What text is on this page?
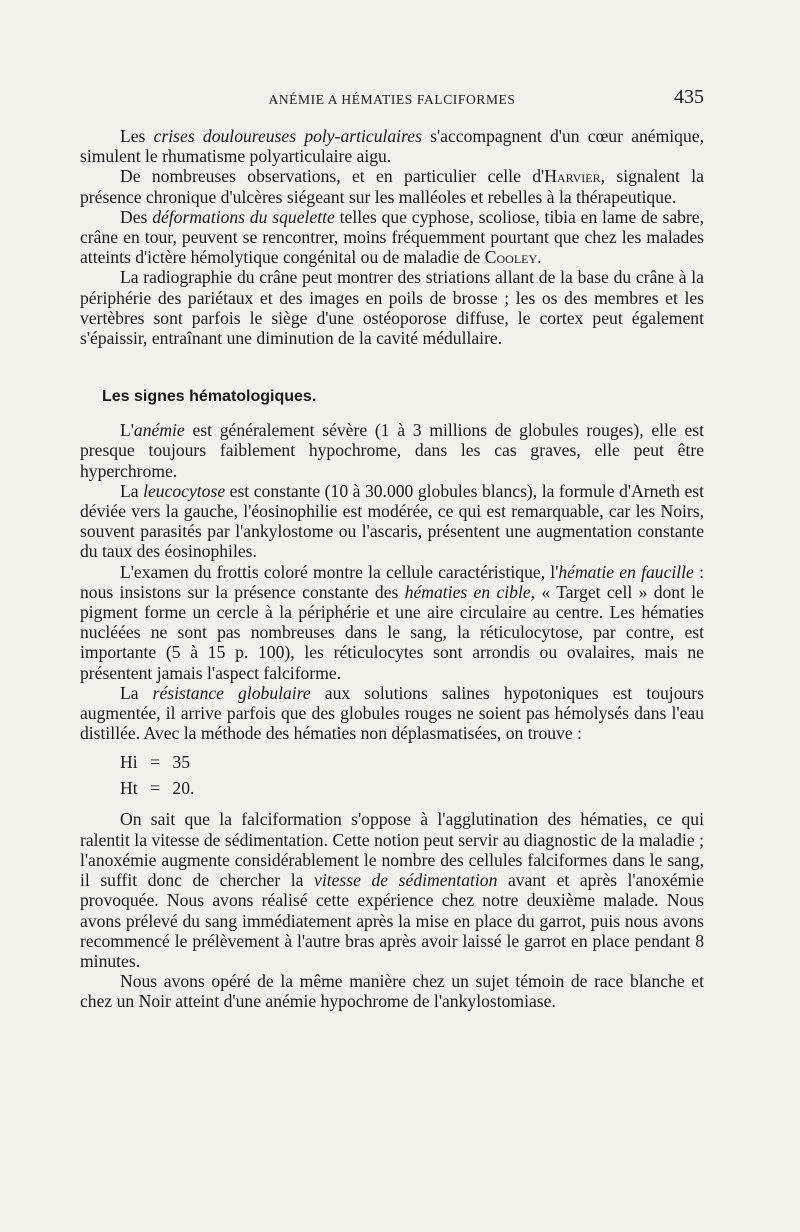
ANÉMIE A HÉMATIES FALCIFORMES	435

Les crises douloureuses poly-articulaires s'accompagnent d'un cœur anémique, simulent le rhumatisme polyarticulaire aigu.

De nombreuses observations, et en particulier celle d'Harvier, signalent la présence chronique d'ulcères siégeant sur les malléoles et rebelles à la thérapeutique.

Des déformations du squelette telles que cyphose, scoliose, tibia en lame de sabre, crâne en tour, peuvent se rencontrer, moins fréquemment pourtant que chez les malades atteints d'ictère hémolytique congénital ou de maladie de Cooley.

La radiographie du crâne peut montrer des striations allant de la base du crâne à la périphérie des pariétaux et des images en poils de brosse ; les os des membres et les vertèbres sont parfois le siège d'une ostéoporose diffuse, le cortex peut également s'épaissir, entraînant une diminution de la cavité médullaire.

Les signes hématologiques.

L'anémie est généralement sévère (1 à 3 millions de globules rouges), elle est presque toujours faiblement hypochrome, dans les cas graves, elle peut être hyperchrome.

La leucocytose est constante (10 à 30.000 globules blancs), la formule d'Arneth est déviée vers la gauche, l'éosinophilie est modérée, ce qui est remarquable, car les Noirs, souvent parasités par l'ankylostome ou l'ascaris, présentent une augmentation constante du taux des éosinophiles.

L'examen du frottis coloré montre la cellule caractéristique, l'hématie en faucille : nous insistons sur la présence constante des hématies en cible, « Target cell » dont le pigment forme un cercle à la périphérie et une aire circulaire au centre. Les hématies nucléées ne sont pas nombreuses dans le sang, la réticulocytose, par contre, est importante (5 à 15 p. 100), les réticulocytes sont arrondis ou ovalaires, mais ne présentent jamais l'aspect falciforme.

La résistance globulaire aux solutions salines hypotoniques est toujours augmentée, il arrive parfois que des globules rouges ne soient pas hémolysés dans l'eau distillée. Avec la méthode des hématies non déplasmatisées, on trouve :

Hi = 35
Ht = 20.

On sait que la falciformation s'oppose à l'agglutination des hématies, ce qui ralentit la vitesse de sédimentation. Cette notion peut servir au diagnostic de la maladie ; l'anoxémie augmente considérablement le nombre des cellules falciformes dans le sang, il suffit donc de chercher la vitesse de sédimentation avant et après l'anoxémie provoquée. Nous avons réalisé cette expérience chez notre deuxième malade. Nous avons prélevé du sang immédiatement après la mise en place du garrot, puis nous avons recommencé le prélèvement à l'autre bras après avoir laissé le garrot en place pendant 8 minutes.

Nous avons opéré de la même manière chez un sujet témoin de race blanche et chez un Noir atteint d'une anémie hypochrome de l'ankylostomiase.
